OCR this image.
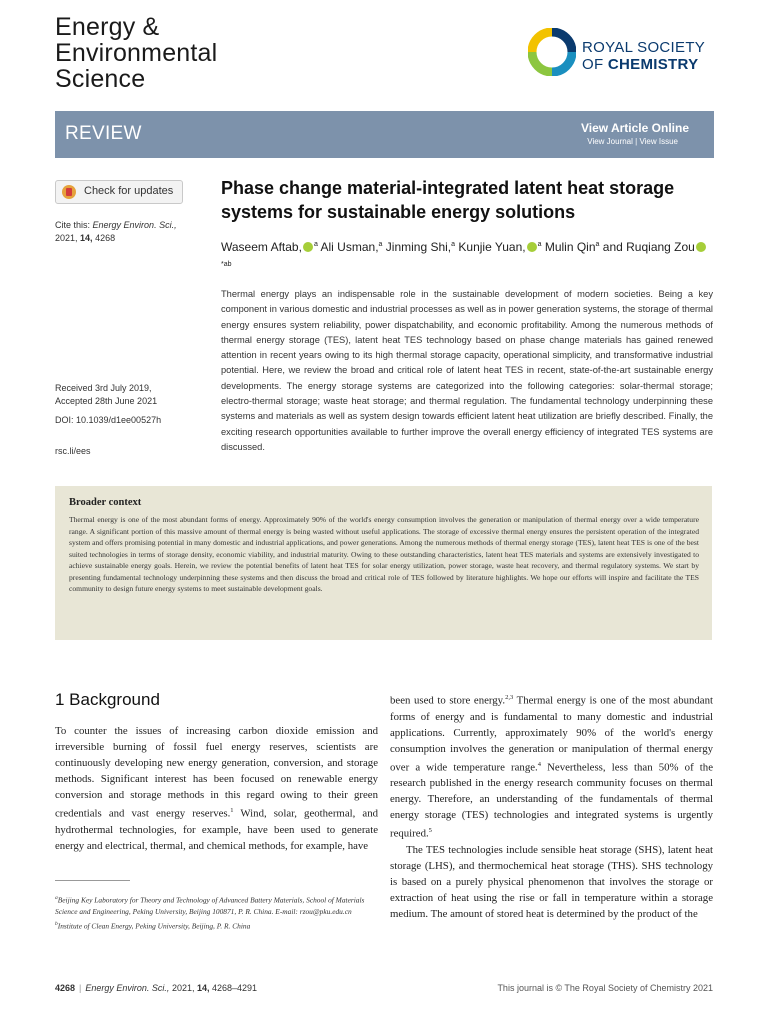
Energy &
Environmental
Science
ROYAL SOCIETY
OF CHEMISTRY
REVIEW	View Article Online
View Journal | View Issue
Check for updates
Cite this: Energy Environ. Sci.,
2021, 14, 4268
Received 3rd July 2019,
Accepted 28th June 2021
DOI: 10.1039/d1ee00527h
rsc.li/ees
Phase change material-integrated latent heat storage systems for sustainable energy solutions
Waseem Aftab, $^a$ Ali Usman,$^a$ Jinming Shi,$^a$ Kunjie Yuan, $^a$ Mulin Qin$^a$ and Ruqiang Zou$^{*ab}$
Thermal energy plays an indispensable role in the sustainable development of modern societies. Being a key component in various domestic and industrial processes as well as in power generation systems, the storage of thermal energy ensures system reliability, power dispatchability, and economic profitability. Among the numerous methods of thermal energy storage (TES), latent heat TES technology based on phase change materials has gained renewed attention in recent years owing to its high thermal storage capacity, operational simplicity, and transformative industrial potential. Here, we review the broad and critical role of latent heat TES in recent, state-of-the-art sustainable energy developments. The energy storage systems are categorized into the following categories: solar-thermal storage; electro-thermal storage; waste heat storage; and thermal regulation. The fundamental technology underpinning these systems and materials as well as system design towards efficient latent heat utilization are briefly described. Finally, the exciting research opportunities available to further improve the overall energy efficiency of integrated TES systems are discussed.
Broader context
Thermal energy is one of the most abundant forms of energy. Approximately 90% of the world's energy consumption involves the generation or manipulation of thermal energy over a wide temperature range. A significant portion of this massive amount of thermal energy is being wasted without useful applications. The storage of excessive thermal energy ensures the persistent operation of the integrated system and offers promising potential in many domestic and industrial applications, and power generations. Among the numerous methods of thermal energy storage (TES), latent heat TES is one of the best suited technologies in terms of storage density, economic viability, and industrial maturity. Owing to these outstanding characteristics, latent heat TES materials and systems are extensively investigated to achieve sustainable energy goals. Herein, we review the potential benefits of latent heat TES for solar energy utilization, power storage, waste heat recovery, and thermal regulatory systems. We start by presenting fundamental technology underpinning these systems and then discuss the broad and critical role of TES followed by literature highlights. We hope our efforts will inspire and facilitate the TES community to design future energy systems to meet sustainable development goals.
1 Background
To counter the issues of increasing carbon dioxide emission and irreversible burning of fossil fuel energy reserves, scientists are continuously developing new energy generation, conversion, and storage methods. Significant interest has been focused on renewable energy conversion and storage methods in this regard owing to their green credentials and vast energy reserves.$^1$ Wind, solar, geothermal, and hydrothermal technologies, for example, have been used to generate energy and electrical, thermal, and chemical methods, for example, have
been used to store energy.$^{2,3}$ Thermal energy is one of the most abundant forms of energy and is fundamental to many domestic and industrial applications. Currently, approximately 90% of the world's energy consumption involves the generation or manipulation of thermal energy over a wide temperature range.$^4$ Nevertheless, less than 50% of the research published in the energy research community focuses on thermal energy. Therefore, an understanding of the fundamentals of thermal energy storage (TES) technologies and integrated systems is urgently required.$^5$
The TES technologies include sensible heat storage (SHS), latent heat storage (LHS), and thermochemical heat storage (THS). SHS technology is based on a purely physical phenomenon that involves the storage or extraction of heat using the rise or fall in temperature within a storage medium. The amount of stored heat is determined by the product of the
$^a$Beijing Key Laboratory for Theory and Technology of Advanced Battery Materials, School of Materials Science and Engineering, Peking University, Beijing 100871, P. R. China. E-mail: rzou@pku.edu.cn
$^b$Institute of Clean Energy, Peking University, Beijing, P. R. China
4268 | Energy Environ. Sci., 2021, 14, 4268–4291	This journal is © The Royal Society of Chemistry 2021
